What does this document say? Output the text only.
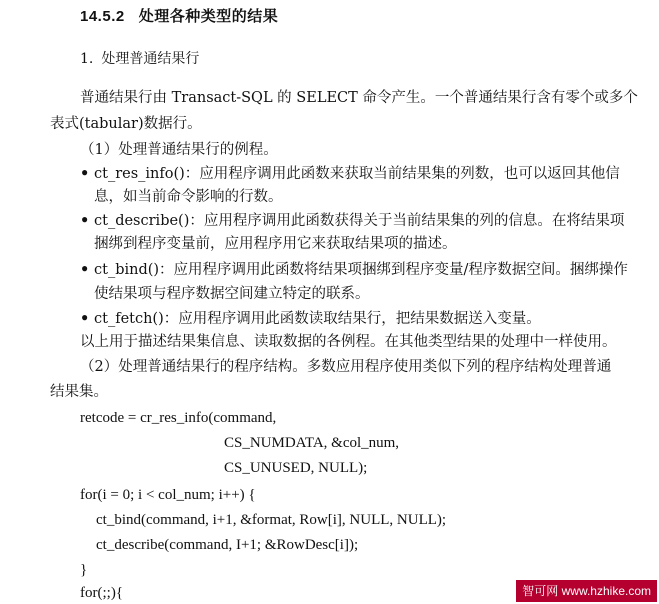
14.5.2 处理各种类型的结果
1. 处理普通结果行
普通结果行由 Transact-SQL 的 SELECT 命令产生。一个普通结果行含有零个或多个
表式(tabular)数据行。
（1）处理普通结果行的例程。
• ct_res_info()：应用程序调用此函数来获取当前结果集的列数，也可以返回其他信
息，如当前命令影响的行数。
• ct_describe()：应用程序调用此函数获得关于当前结果集的列的信息。在将结果项
捆绑到程序变量前，应用程序用它来获取结果项的描述。
• ct_bind()：应用程序调用此函数将结果项捆绑到程序变量/程序数据空间。捆绑操作
使结果项与程序数据空间建立特定的联系。
• ct_fetch()：应用程序调用此函数读取结果行，把结果数据送入变量。
以上用于描述结果集信息、读取数据的各例程。在其他类型结果的处理中一样使用。
（2）处理普通结果行的程序结构。多数应用程序使用类似下列的程序结构处理普通
结果集。
retcode = cr_res_info(command,
CS_NUMDATA, &col_num,
CS_UNUSED, NULL);
for(i = 0; i < col_num; i++) {
ct_bind(command, i+1, &format, Row[i], NULL, NULL);
ct_describe(command, I+1; &RowDesc[i]);
}
for(;;){	智可网 www.hzhike.com
